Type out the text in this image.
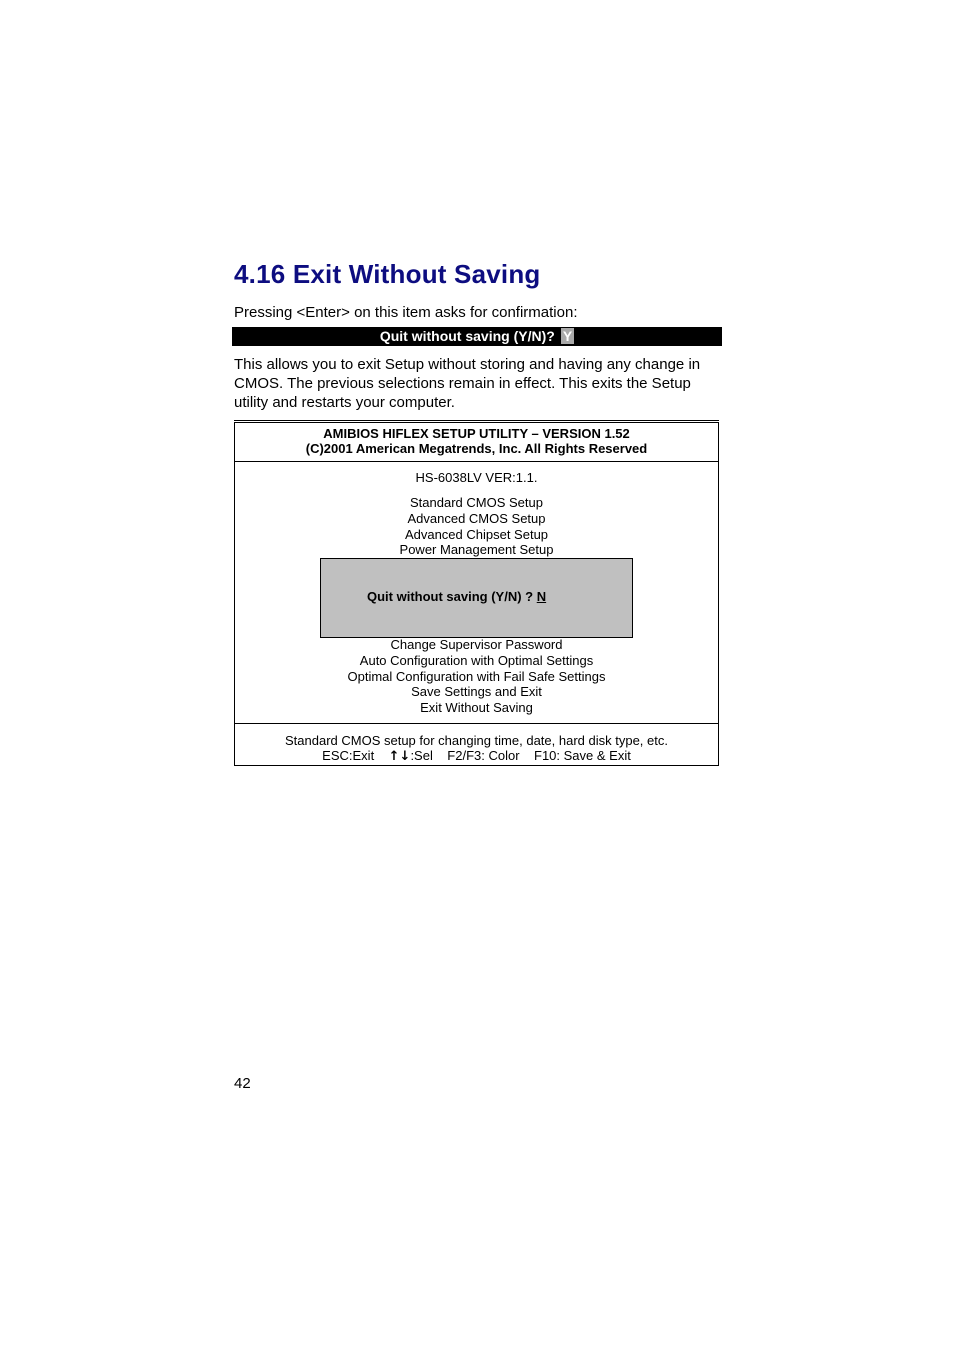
4.16 Exit Without Saving

Pressing <Enter> on this item asks for confirmation:

Quit without saving (Y/N)? Y

This allows you to exit Setup without storing and having any change in
CMOS. The previous selections remain in effect. This exits the Setup
utility and restarts your computer.

AMIBIOS HIFLEX SETUP UTILITY – VERSION 1.52
(C)2001 American Megatrends, Inc. All Rights Reserved
HS-6038LV VER:1.1.
Standard CMOS Setup
Advanced CMOS Setup
Advanced Chipset Setup
Power Management Setup
Quit without saving (Y/N) ? N
Change Supervisor Password
Auto Configuration with Optimal Settings
Optimal Configuration with Fail Safe Settings
Save Settings and Exit
Exit Without Saving
Standard CMOS setup for changing time, date, hard disk type, etc.
ESC:Exit ↑↓:Sel F2/F3: Color F10: Save & Exit
42
